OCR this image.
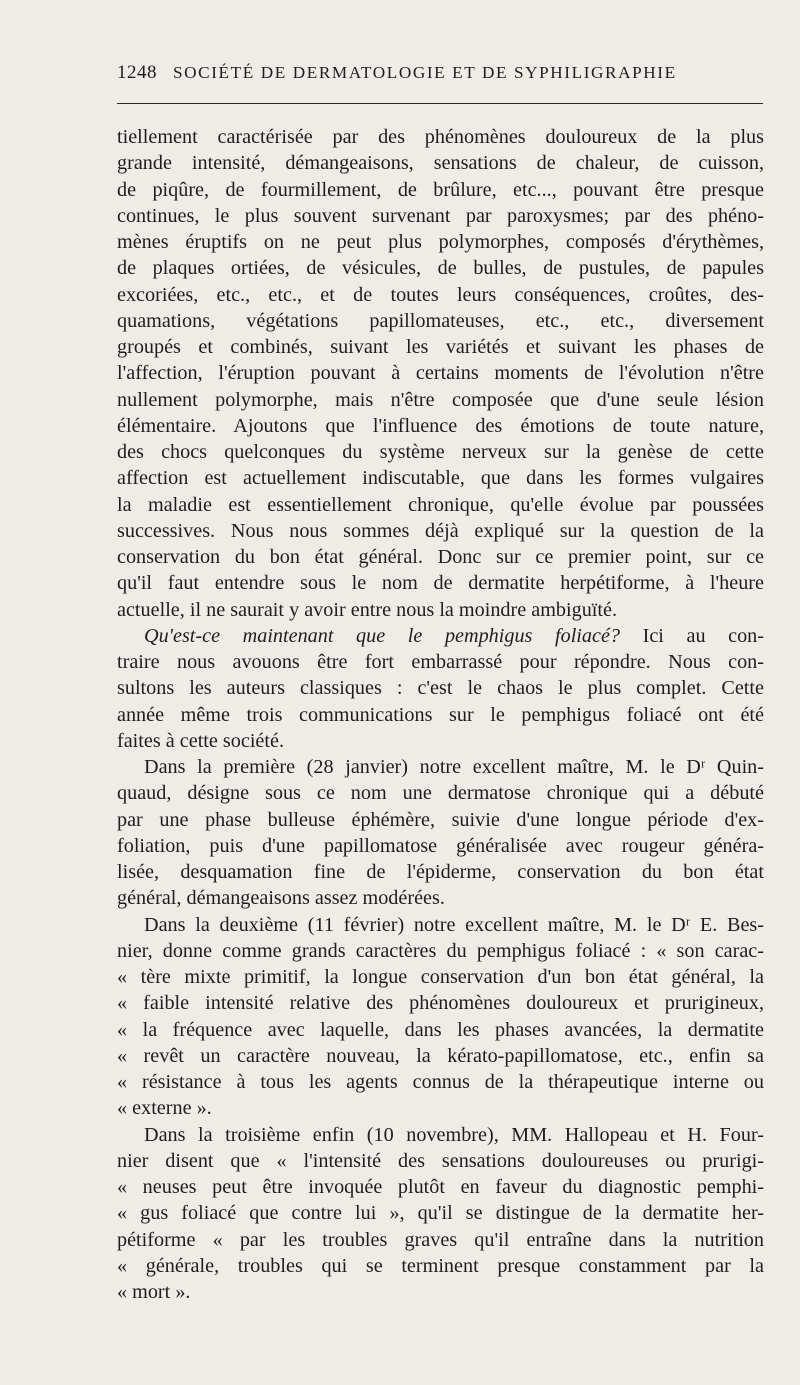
1248 SOCIÉTÉ DE DERMATOLOGIE ET DE SYPHILIGRAPHIE
tiellement caractérisée par des phénomènes douloureux de la plus
grande intensité, démangeaisons, sensations de chaleur, de cuisson,
de piqûre, de fourmillement, de brûlure, etc..., pouvant être presque
continues, le plus souvent survenant par paroxysmes; par des phéno-
mènes éruptifs on ne peut plus polymorphes, composés d'érythèmes,
de plaques ortiées, de vésicules, de bulles, de pustules, de papules
excoriées, etc., etc., et de toutes leurs conséquences, croûtes, des-
quamations, végétations papillomateuses, etc., etc., diversement
groupés et combinés, suivant les variétés et suivant les phases de
l'affection, l'éruption pouvant à certains moments de l'évolution n'être
nullement polymorphe, mais n'être composée que d'une seule lésion
élémentaire. Ajoutons que l'influence des émotions de toute nature,
des chocs quelconques du système nerveux sur la genèse de cette
affection est actuellement indiscutable, que dans les formes vulgaires
la maladie est essentiellement chronique, qu'elle évolue par poussées
successives. Nous nous sommes déjà expliqué sur la question de la
conservation du bon état général. Donc sur ce premier point, sur ce
qu'il faut entendre sous le nom de dermatite herpétiforme, à l'heure
actuelle, il ne saurait y avoir entre nous la moindre ambiguïté.
Qu'est-ce maintenant que le pemphigus foliacé? Ici au con-
traire nous avouons être fort embarrassé pour répondre. Nous con-
sultons les auteurs classiques : c'est le chaos le plus complet. Cette
année même trois communications sur le pemphigus foliacé ont été
faites à cette société.
Dans la première (28 janvier) notre excellent maître, M. le Dʳ Quin-
quaud, désigne sous ce nom une dermatose chronique qui a débuté
par une phase bulleuse éphémère, suivie d'une longue période d'ex-
foliation, puis d'une papillomatose généralisée avec rougeur généra-
lisée, desquamation fine de l'épiderme, conservation du bon état
général, démangeaisons assez modérées.
Dans la deuxième (11 février) notre excellent maître, M. le Dʳ E. Bes-
nier, donne comme grands caractères du pemphigus foliacé : « son carac-
« tère mixte primitif, la longue conservation d'un bon état général, la
« faible intensité relative des phénomènes douloureux et prurigineux,
« la fréquence avec laquelle, dans les phases avancées, la dermatite
« revêt un caractère nouveau, la kérato-papillomatose, etc., enfin sa
« résistance à tous les agents connus de la thérapeutique interne ou
« externe ».
Dans la troisième enfin (10 novembre), MM. Hallopeau et H. Four-
nier disent que « l'intensité des sensations douloureuses ou prurigi-
« neuses peut être invoquée plutôt en faveur du diagnostic pemphi-
« gus foliacé que contre lui », qu'il se distingue de la dermatite her-
pétiforme « par les troubles graves qu'il entraîne dans la nutrition
« générale, troubles qui se terminent presque constamment par la
« mort ».
